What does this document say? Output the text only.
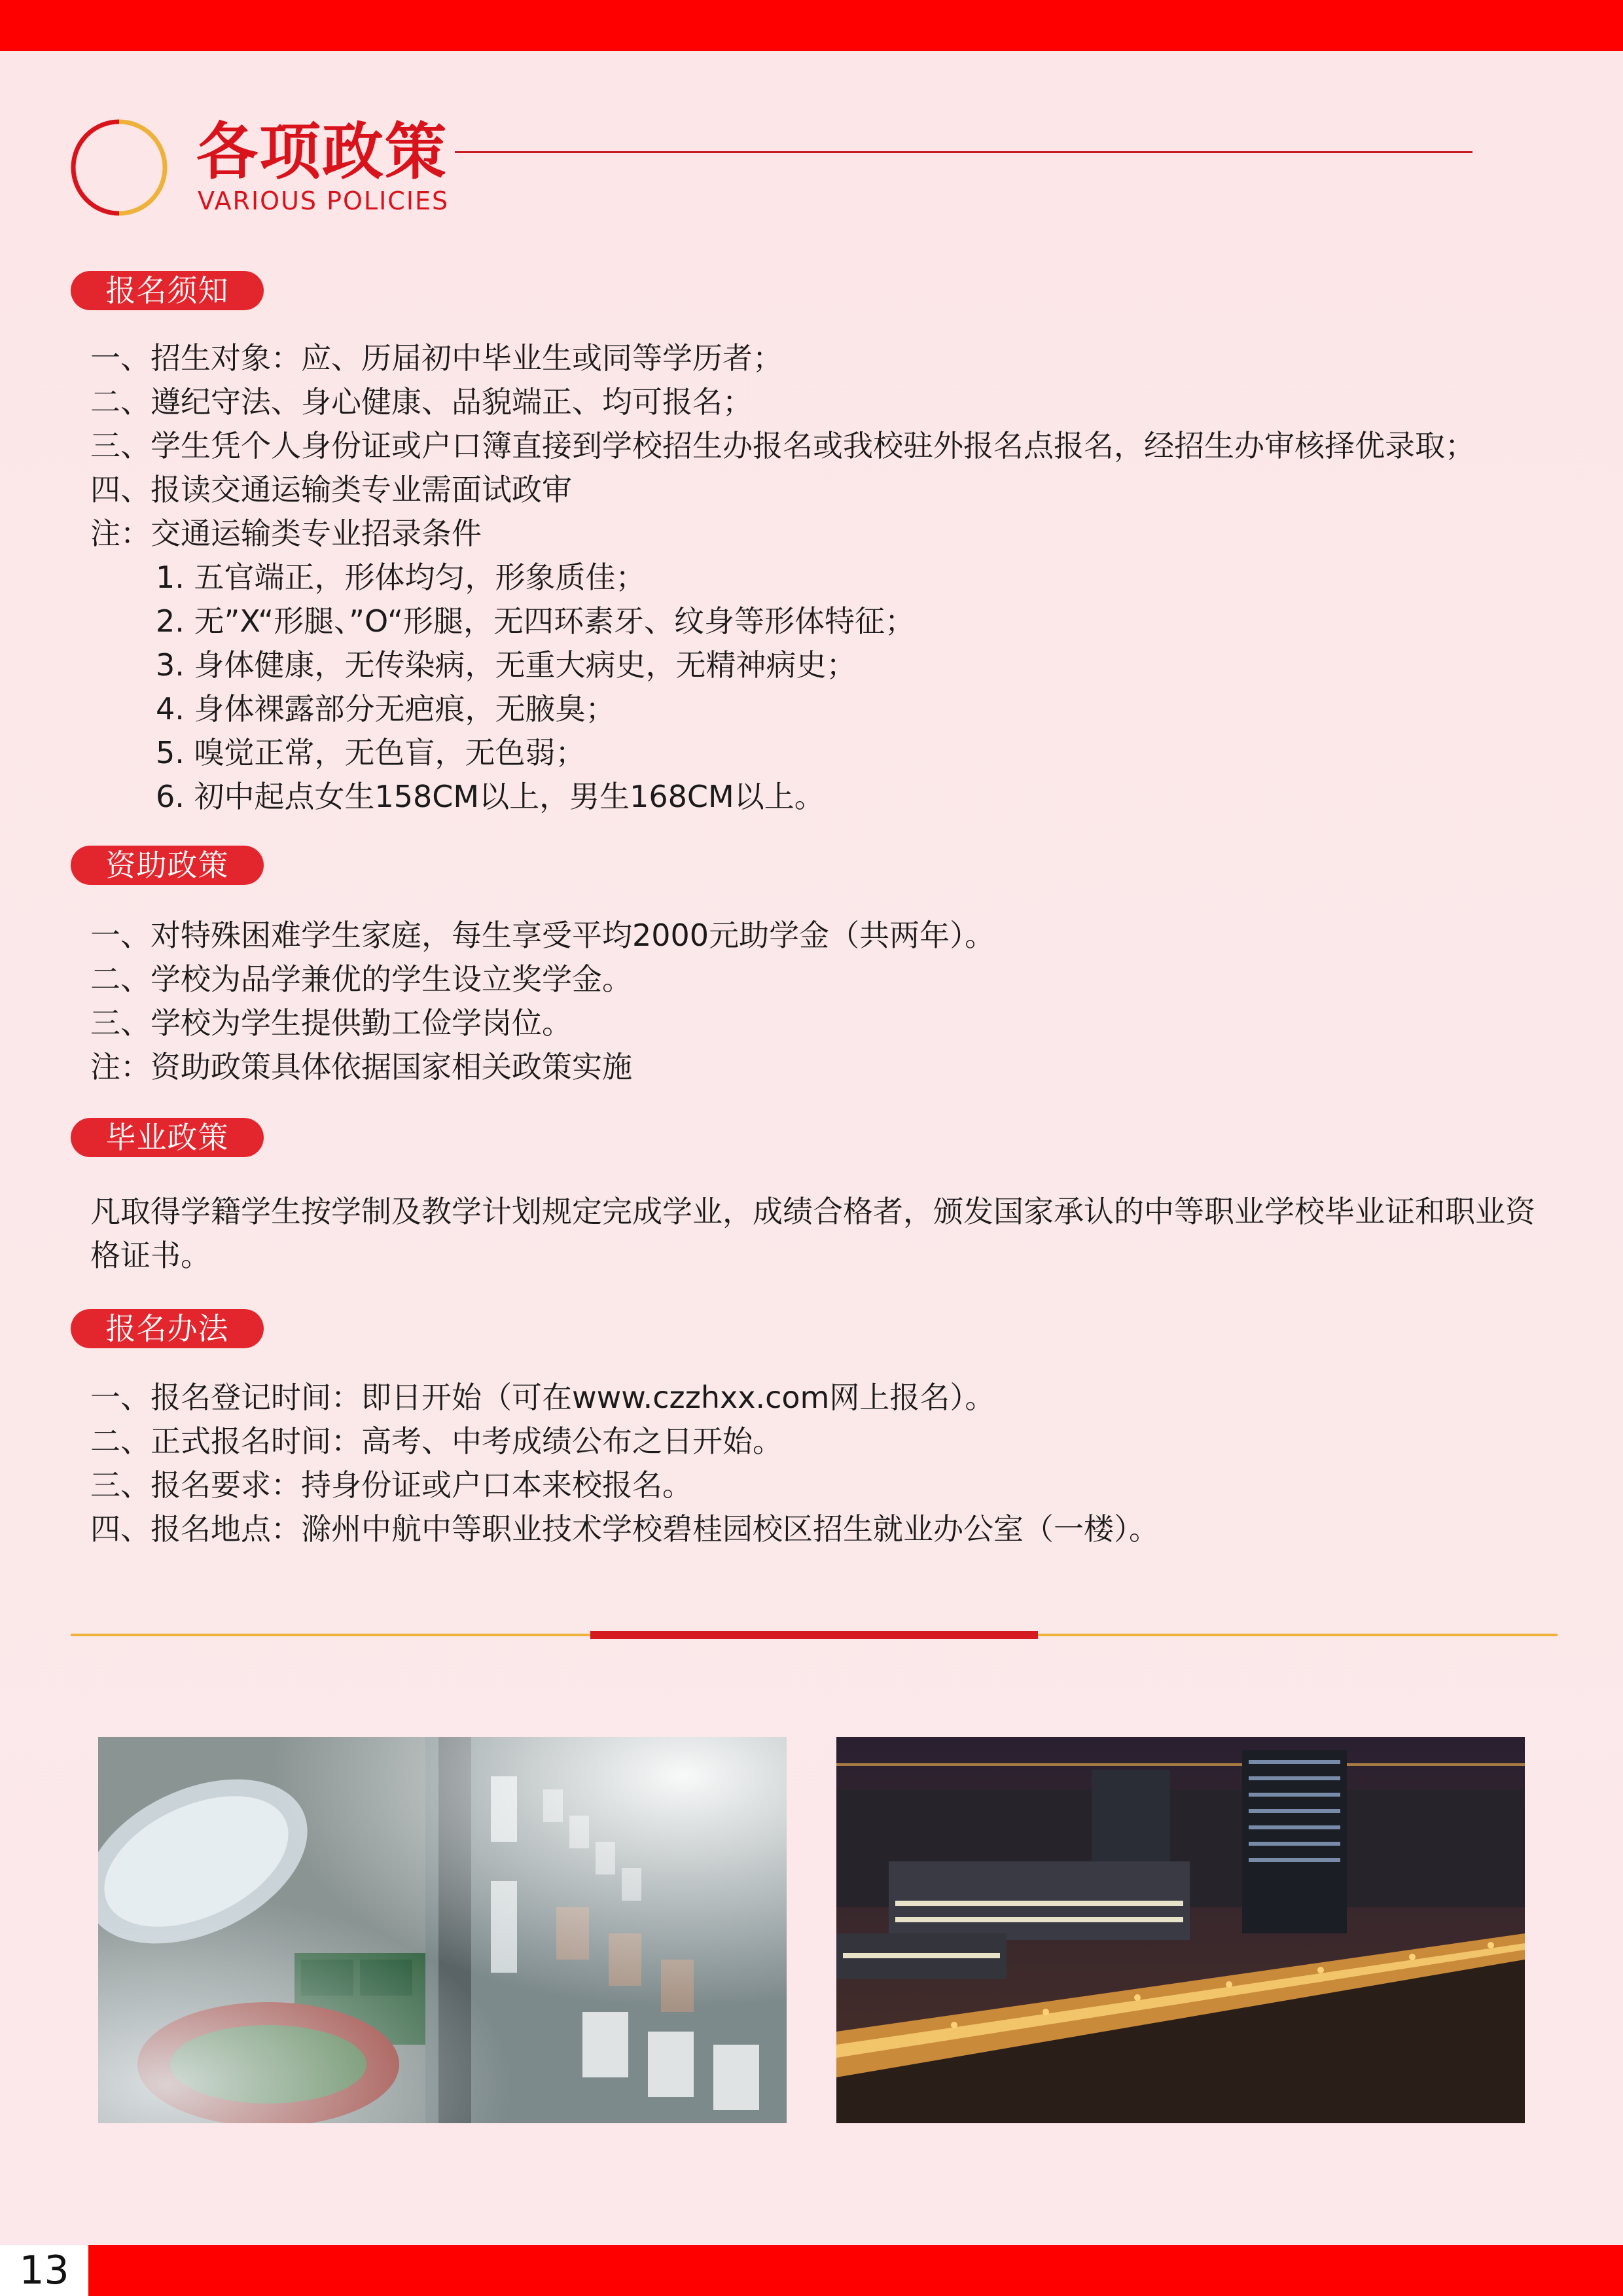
各项政策
VARIOUS POLICIES
报名须知
一、招生对象：应、历届初中毕业生或同等学历者；
二、遵纪守法、身心健康、品貌端正、均可报名；
三、学生凭个人身份证或户口簿直接到学校招生办报名或我校驻外报名点报名，经招生办审核择优录取；
四、报读交通运输类专业需面试政审
注：交通运输类专业招录条件
1. 五官端正，形体均匀，形象质佳；
2. 无”X“形腿、”O“形腿，无四环素牙、纹身等形体特征；
3. 身体健康，无传染病，无重大病史，无精神病史；
4. 身体裸露部分无疤痕，无腋臭；
5. 嗅觉正常，无色盲，无色弱；
6. 初中起点女生158CM以上，男生168CM以上。
资助政策
一、对特殊困难学生家庭，每生享受平均2000元助学金（共两年）。
二、学校为品学兼优的学生设立奖学金。
三、学校为学生提供勤工俭学岗位。
注：资助政策具体依据国家相关政策实施
毕业政策
凡取得学籍学生按学制及教学计划规定完成学业，成绩合格者，颁发国家承认的中等职业学校毕业证和职业资格证书。
报名办法
一、报名登记时间：即日开始（可在www.czzhxx.com网上报名）。
二、正式报名时间：高考、中考成绩公布之日开始。
三、报名要求：持身份证或户口本来校报名。
四、报名地点：滁州中航中等职业技术学校碧桂园校区招生就业办公室（一楼）。
13
